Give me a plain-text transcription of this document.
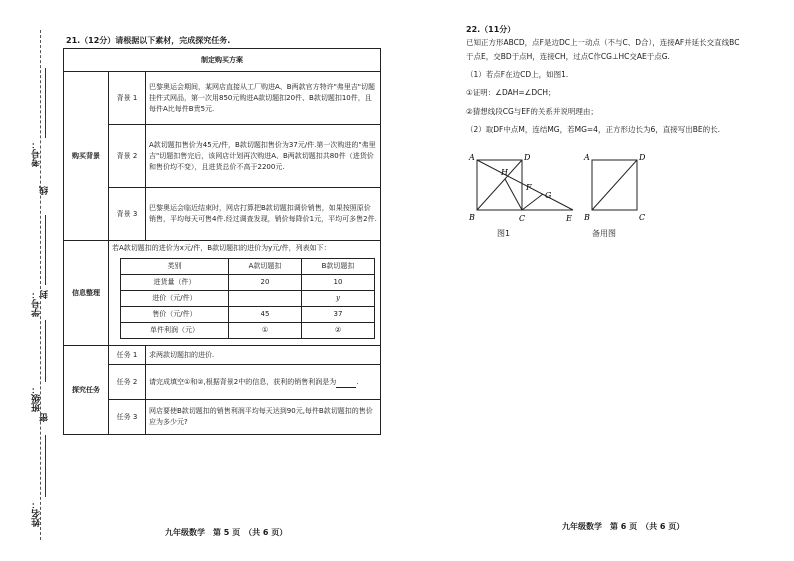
考号：
线
学号：
封
班级：
密
姓名：
21.（12分）请根据以下素材，完成探究任务.
制定购买方案
购买背景	背景 1	巴黎奥运会期间，某网店直接从工厂购进A、B两款官方特许"弗里吉"切题挂件式网品，第一次用850元购进A款切题扣20件、B款切题扣10件，且每件A比每件B贵5元.
背景 2	A款切题扣售价为45元/件，B款切题扣售价为37元/件.第一次购进的"弗里吉"切题扣售完后，该网店计划再次购进A、B两款切题扣共80件（进货价和售价均不变），且进货总价不高于2200元.
背景 3	巴黎奥运会临近结束时，网店打算把B款切题扣调价销售，如果按照原价销售，平均每天可售4件.经过调查发现，销价每降价1元，平均可多售2件.
信息整理	
若A款切题扣的进价为x元/件，B款切题扣的进价为y元/件，列表如下：
类别	A款切题扣	B款切题扣
进货量（件）	20	10
进价（元/件）		y
售价（元/件）	45	37
单件利润（元）	①	②

探究任务	任务 1	求两款切题扣的进价.
任务 2	请完成填空①和②,根据背景2中的信息，获利的销售利润是为	.
任务 3	网店要使B款切题扣的销售利润平均每天达到90元,每件B款切题扣的售价应为多少元?
九年级数学　第 5 页　（共 6 页）
22.（11分）
已知正方形ABCD，点F是边DC上一动点（不与C、D合），连接AF并延长交直线BC
于点E，交BD于点H，连接CH，过点C作CG⊥HC交AE于点G.
（1）若点F在边CD上，如图1.
①证明：∠DAH=∠DCH；
②猜想线段CG与EF的关系并说明理由；
（2）取DF中点M，连结MG，若MG=4，正方形边长为6，直接写出BE的长.
A	D
H
F
G
B	C	E
图1
A	D
B	C
备用图
九年级数学　第 6 页　（共 6 页）
